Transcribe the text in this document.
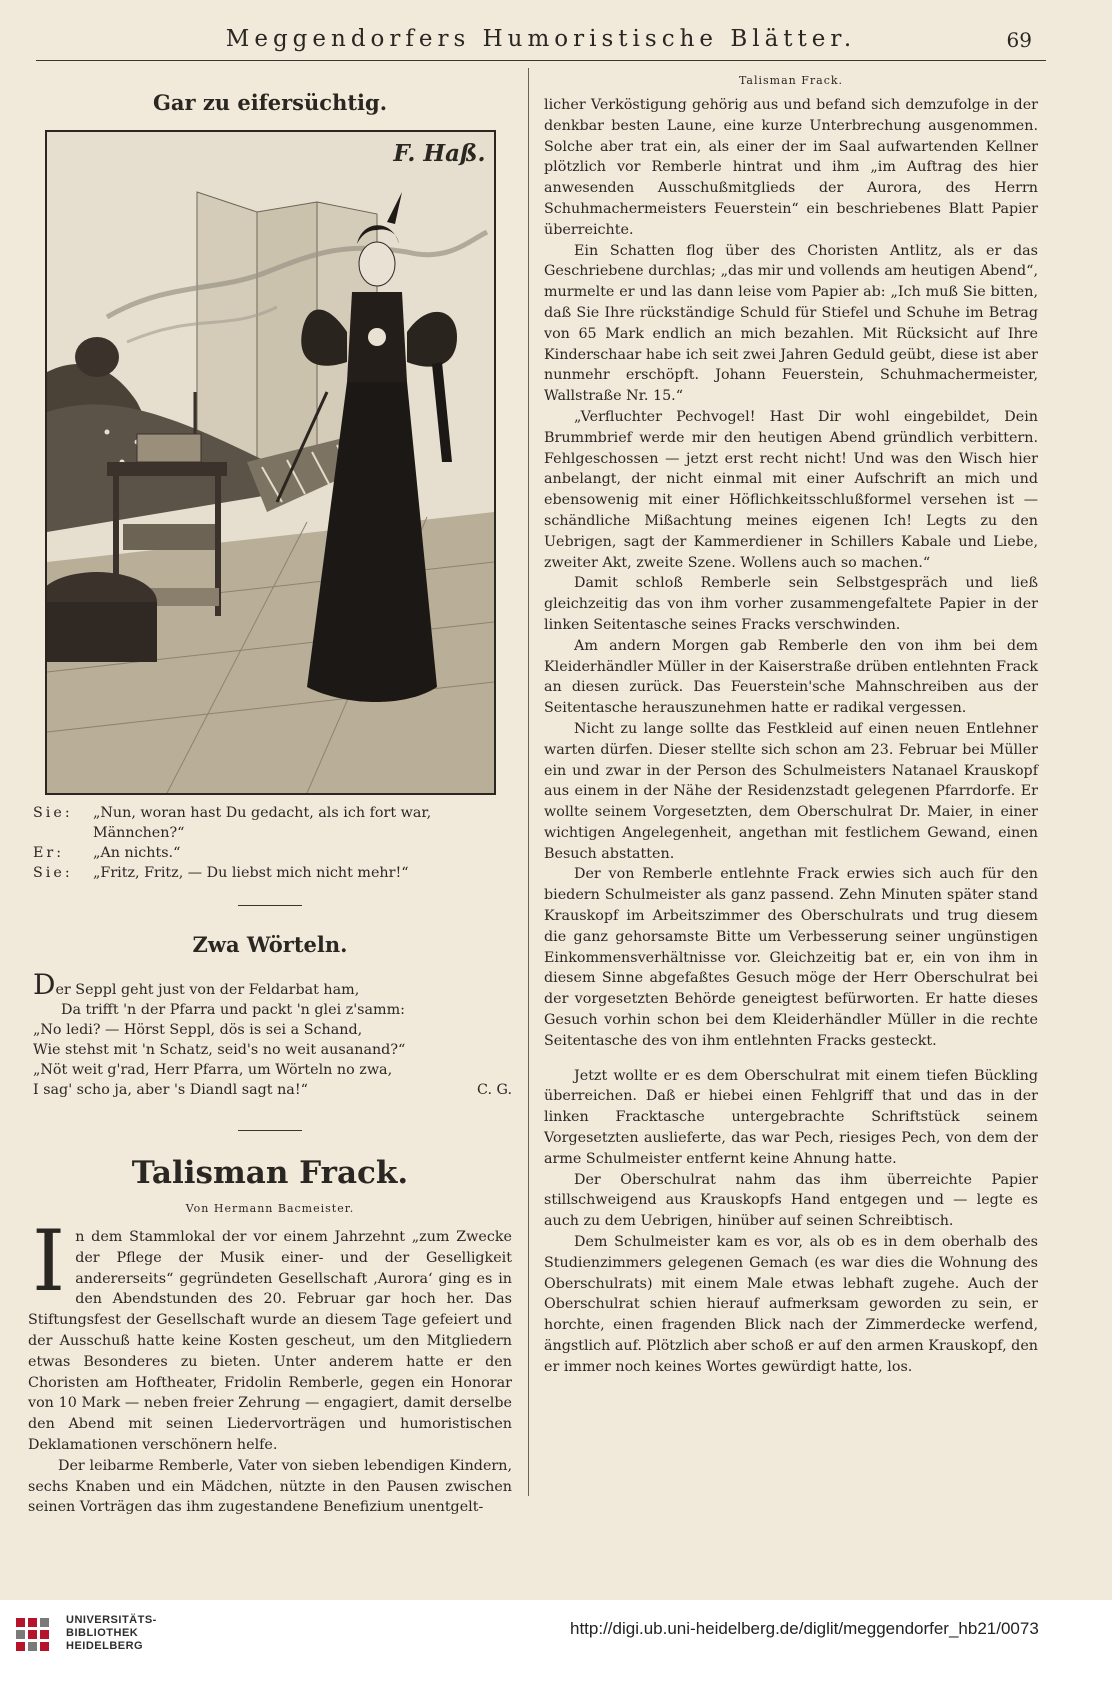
Meggendorfers Humoristische Blätter.	69
Gar zu eifersüchtig.
F. Haß.
Sie:	„Nun, woran hast Du gedacht, als ich fort war, Männchen?“
Er:	„An nichts.“
Sie:	„Fritz, Fritz, — Du liebst mich nicht mehr!“
Zwa Wörteln.
Der Seppl geht just von der Feldarbat ham,
Da trifft 'n der Pfarra und packt 'n glei z'samm:
„No ledi? — Hörst Seppl, dös is sei a Schand,
Wie stehst mit 'n Schatz, seid's no weit ausanand?“
„Nöt weit g'rad, Herr Pfarra, um Wörteln no zwa,
I sag' scho ja, aber 's Diandl sagt na!“	C. G.
Talisman Frack.
Von Hermann Bacmeister.

In dem Stammlokal der vor einem Jahrzehnt „zum Zwecke der Pflege der Musik einer- und der Geselligkeit andererseits“ gegründeten Gesellschaft ‚Aurora‘ ging es in den Abendstunden des 20. Februar gar hoch her. Das Stiftungsfest der Gesellschaft wurde an diesem Tage gefeiert und der Ausschuß hatte keine Kosten gescheut, um den Mitgliedern etwas Besonderes zu bieten. Unter anderem hatte er den Choristen am Hoftheater, Fridolin Remberle, gegen ein Honorar von 10 Mark — neben freier Zehrung — engagiert, damit derselbe den Abend mit seinen Liedervorträgen und humoristischen Deklamationen verschönern helfe.

Der leibarme Remberle, Vater von sieben lebendigen Kindern, sechs Knaben und ein Mädchen, nützte in den Pausen zwischen seinen Vorträgen das ihm zugestandene Benefizium unentgelt-

Talisman Frack.

licher Verköstigung gehörig aus und befand sich demzufolge in der denkbar besten Laune, eine kurze Unterbrechung ausgenommen. Solche aber trat ein, als einer der im Saal aufwartenden Kellner plötzlich vor Remberle hintrat und ihm „im Auftrag des hier anwesenden Ausschußmitglieds der Aurora, des Herrn Schuhmachermeisters Feuerstein“ ein beschriebenes Blatt Papier überreichte.

Ein Schatten flog über des Choristen Antlitz, als er das Geschriebene durchlas; „das mir und vollends am heutigen Abend“, murmelte er und las dann leise vom Papier ab: „Ich muß Sie bitten, daß Sie Ihre rückständige Schuld für Stiefel und Schuhe im Betrag von 65 Mark endlich an mich bezahlen. Mit Rücksicht auf Ihre Kinderschaar habe ich seit zwei Jahren Geduld geübt, diese ist aber nunmehr erschöpft. Johann Feuerstein, Schuhmachermeister, Wallstraße Nr. 15.“

„Verfluchter Pechvogel! Hast Dir wohl eingebildet, Dein Brummbrief werde mir den heutigen Abend gründlich verbittern. Fehlgeschossen — jetzt erst recht nicht! Und was den Wisch hier anbelangt, der nicht einmal mit einer Aufschrift an mich und ebensowenig mit einer Höflichkeitsschlußformel versehen ist — schändliche Mißachtung meines eigenen Ich! Legts zu den Uebrigen, sagt der Kammerdiener in Schillers Kabale und Liebe, zweiter Akt, zweite Szene. Wollens auch so machen.“

Damit schloß Remberle sein Selbstgespräch und ließ gleichzeitig das von ihm vorher zusammengefaltete Papier in der linken Seitentasche seines Fracks verschwinden.

Am andern Morgen gab Remberle den von ihm bei dem Kleiderhändler Müller in der Kaiserstraße drüben entlehnten Frack an diesen zurück. Das Feuerstein'sche Mahnschreiben aus der Seitentasche herauszunehmen hatte er radikal vergessen.

Nicht zu lange sollte das Festkleid auf einen neuen Entlehner warten dürfen. Dieser stellte sich schon am 23. Februar bei Müller ein und zwar in der Person des Schulmeisters Natanael Krauskopf aus einem in der Nähe der Residenzstadt gelegenen Pfarrdorfe. Er wollte seinem Vorgesetzten, dem Oberschulrat Dr. Maier, in einer wichtigen Angelegenheit, angethan mit festlichem Gewand, einen Besuch abstatten.

Der von Remberle entlehnte Frack erwies sich auch für den biedern Schulmeister als ganz passend. Zehn Minuten später stand Krauskopf im Arbeitszimmer des Oberschulrats und trug diesem die ganz gehorsamste Bitte um Verbesserung seiner ungünstigen Einkommensverhältnisse vor. Gleichzeitig bat er, ein von ihm in diesem Sinne abgefaßtes Gesuch möge der Herr Oberschulrat bei der vorgesetzten Behörde geneigtest befürworten. Er hatte dieses Gesuch vorhin schon bei dem Kleiderhändler Müller in die rechte Seitentasche des von ihm entlehnten Fracks gesteckt.

Jetzt wollte er es dem Oberschulrat mit einem tiefen Bückling überreichen. Daß er hiebei einen Fehlgriff that und das in der linken Fracktasche untergebrachte Schriftstück seinem Vorgesetzten auslieferte, das war Pech, riesiges Pech, von dem der arme Schulmeister entfernt keine Ahnung hatte.

Der Oberschulrat nahm das ihm überreichte Papier stillschweigend aus Krauskopfs Hand entgegen und — legte es auch zu dem Uebrigen, hinüber auf seinen Schreibtisch.

Dem Schulmeister kam es vor, als ob es in dem oberhalb des Studienzimmers gelegenen Gemach (es war dies die Wohnung des Oberschulrats) mit einem Male etwas lebhaft zugehe. Auch der Oberschulrat schien hierauf aufmerksam geworden zu sein, er horchte, einen fragenden Blick nach der Zimmerdecke werfend, ängstlich auf. Plötzlich aber schoß er auf den armen Krauskopf, den er immer noch keines Wortes gewürdigt hatte, los.

UNIVERSITÄTS-
BIBLIOTHEK
HEIDELBERG
http://digi.ub.uni-heidelberg.de/diglit/meggendorfer_hb21/0073
